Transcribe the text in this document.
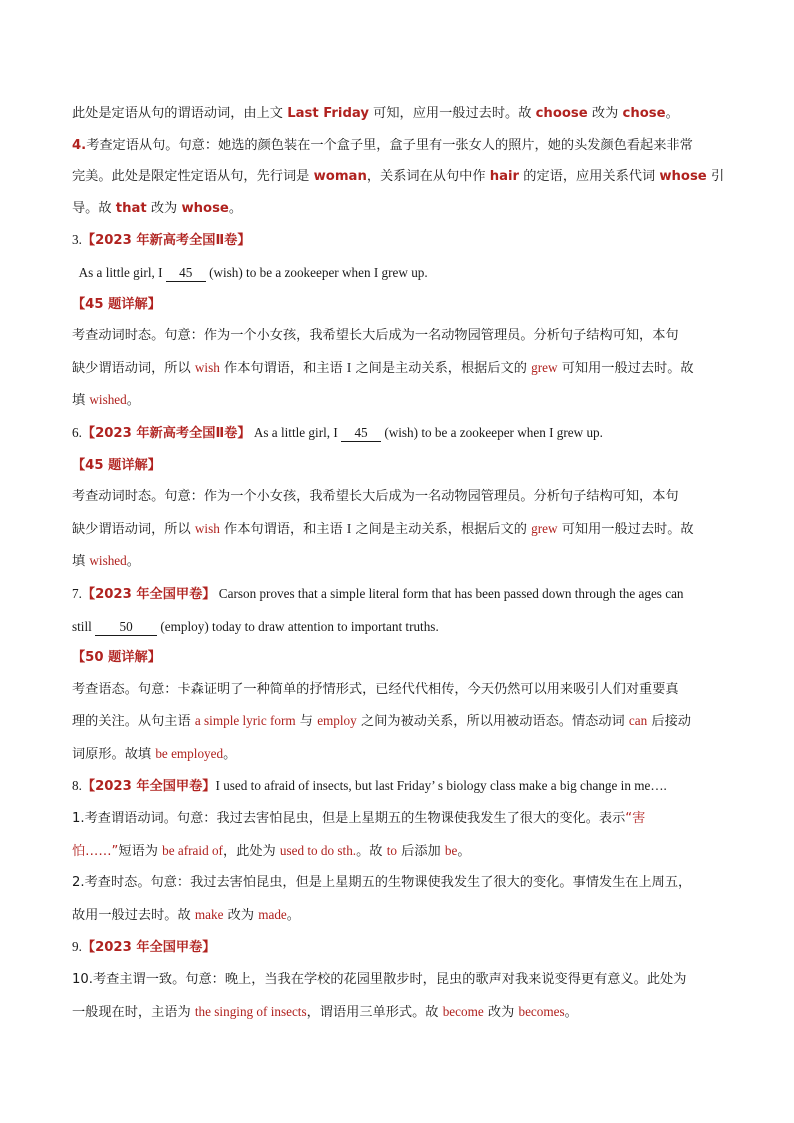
此处是定语从句的谓语动词，由上文 Last Friday 可知，应用一般过去时。故 choose 改为 chose。

4.考查定语从句。句意：她选的颜色装在一个盒子里，盒子里有一张女人的照片，她的头发颜色看起来非常

完美。此处是限定性定语从句，先行词是 woman，关系词在从句中作 hair 的定语，应用关系代词 whose 引

导。故 that 改为 whose。

3.【2023 年新高考全国Ⅱ卷】

As a little girl, I 45 (wish) to be a zookeeper when I grew up.

【45 题详解】

考查动词时态。句意：作为一个小女孩，我希望长大后成为一名动物园管理员。分析句子结构可知，本句

缺少谓语动词，所以 wish 作本句谓语，和主语 I 之间是主动关系，根据后文的 grew 可知用一般过去时。故

填 wished。

6.【2023 年新高考全国Ⅱ卷】 As a little girl, I 45 (wish) to be a zookeeper when I grew up.

【45 题详解】

考查动词时态。句意：作为一个小女孩，我希望长大后成为一名动物园管理员。分析句子结构可知，本句

缺少谓语动词，所以 wish 作本句谓语，和主语 I 之间是主动关系，根据后文的 grew 可知用一般过去时。故

填 wished。

7.【2023 年全国甲卷】 Carson proves that a simple literal form that has been passed down through the ages can

still 50 (employ) today to draw attention to important truths.

【50 题详解】

考查语态。句意：卡森证明了一种简单的抒情形式，已经代代相传，今天仍然可以用来吸引人们对重要真

理的关注。从句主语 a simple lyric form 与 employ 之间为被动关系，所以用被动语态。情态动词 can 后接动

词原形。故填 be employed。

8.【2023 年全国甲卷】I used to afraid of insects, but last Friday’ s biology class make a big change in me….

1.考查谓语动词。句意：我过去害怕昆虫，但是上星期五的生物课使我发生了很大的变化。表示“害

怕……”短语为 be afraid of，此处为 used to do sth.。故 to 后添加 be。

2.考查时态。句意：我过去害怕昆虫，但是上星期五的生物课使我发生了很大的变化。事情发生在上周五，

故用一般过去时。故 make 改为 made。

9.【2023 年全国甲卷】

10.考查主谓一致。句意：晚上，当我在学校的花园里散步时，昆虫的歌声对我来说变得更有意义。此处为

一般现在时，主语为 the singing of insects，谓语用三单形式。故 become 改为 becomes。
